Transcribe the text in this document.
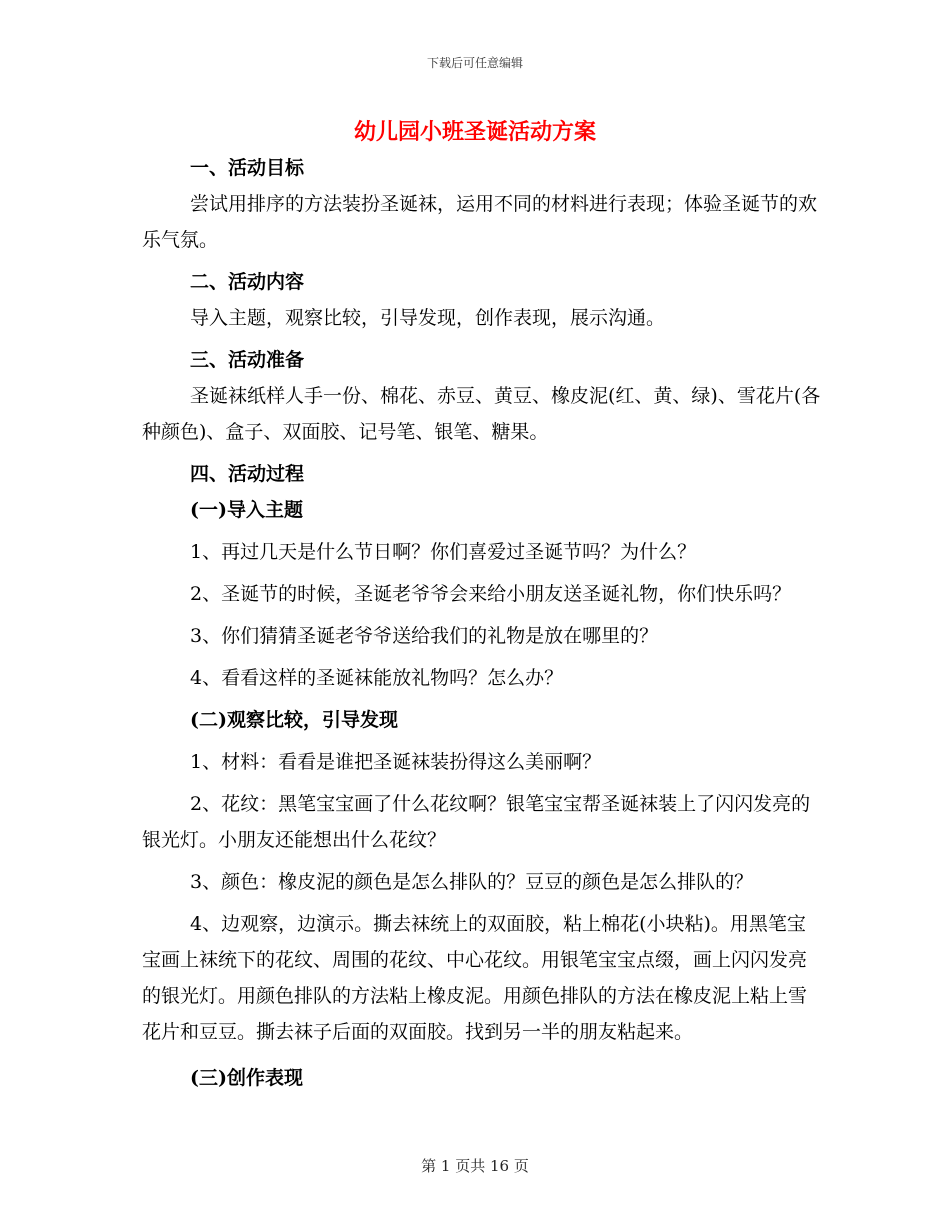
下载后可任意编辑
幼儿园小班圣诞活动方案

一、活动目标

尝试用排序的方法装扮圣诞袜，运用不同的材料进行表现；体验圣诞节的欢乐气氛。

二、活动内容

导入主题，观察比较，引导发现，创作表现，展示沟通。

三、活动准备

圣诞袜纸样人手一份、棉花、赤豆、黄豆、橡皮泥(红、黄、绿)、雪花片(各种颜色)、盒子、双面胶、记号笔、银笔、糖果。

四、活动过程

(一)导入主题

1、再过几天是什么节日啊？你们喜爱过圣诞节吗？为什么？

2、圣诞节的时候，圣诞老爷爷会来给小朋友送圣诞礼物，你们快乐吗？

3、你们猜猜圣诞老爷爷送给我们的礼物是放在哪里的？

4、看看这样的圣诞袜能放礼物吗？怎么办？

(二)观察比较，引导发现

1、材料：看看是谁把圣诞袜装扮得这么美丽啊？

2、花纹：黑笔宝宝画了什么花纹啊？银笔宝宝帮圣诞袜装上了闪闪发亮的银光灯。小朋友还能想出什么花纹？

3、颜色：橡皮泥的颜色是怎么排队的？豆豆的颜色是怎么排队的？

4、边观察，边演示。撕去袜统上的双面胶，粘上棉花(小块粘)。用黑笔宝宝画上袜统下的花纹、周围的花纹、中心花纹。用银笔宝宝点缀，画上闪闪发亮的银光灯。用颜色排队的方法粘上橡皮泥。用颜色排队的方法在橡皮泥上粘上雪花片和豆豆。撕去袜子后面的双面胶。找到另一半的朋友粘起来。

(三)创作表现

第 1 页共 16 页
